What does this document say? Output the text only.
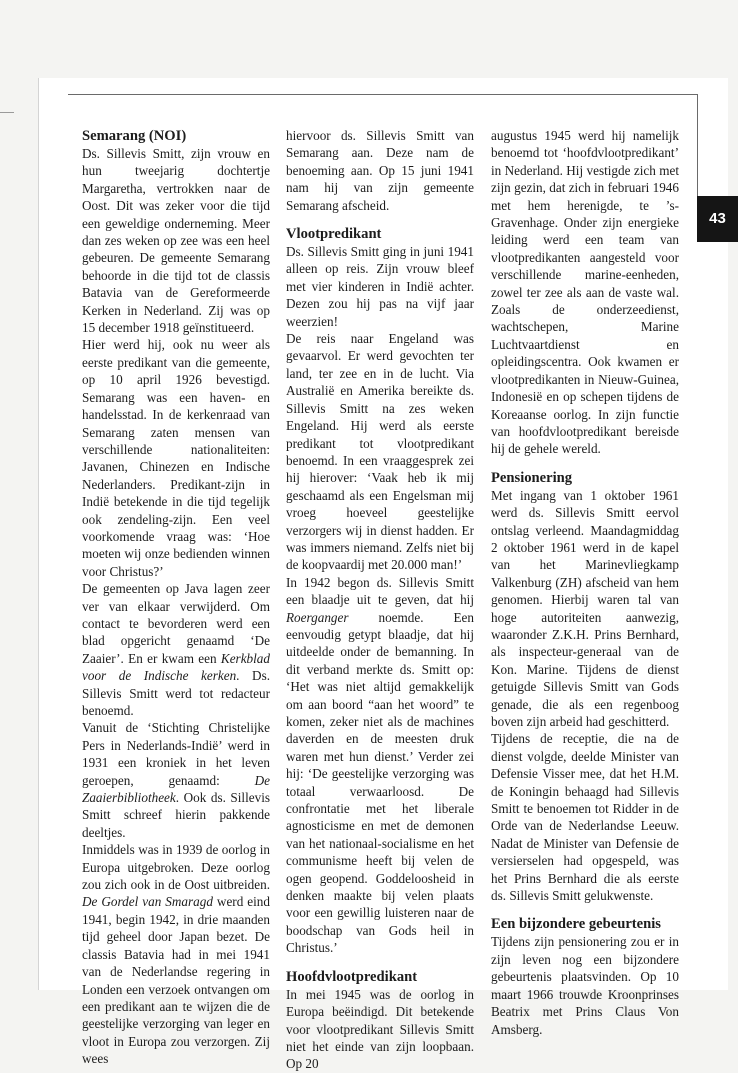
43
Semarang (NOI)

Ds. Sillevis Smitt, zijn vrouw en hun tweejarig dochtertje Margaretha, vertrokken naar de Oost. Dit was zeker voor die tijd een geweldige onderneming. Meer dan zes weken op zee was een heel gebeuren. De gemeente Semarang behoorde in die tijd tot de classis Batavia van de Gereformeerde Kerken in Nederland. Zij was op 15 december 1918 geïnstitueerd.

Hier werd hij, ook nu weer als eerste predikant van die gemeente, op 10 april 1926 bevestigd. Semarang was een haven- en handelsstad. In de kerkenraad van Semarang zaten mensen van verschillende nationaliteiten: Javanen, Chinezen en Indische Nederlanders. Predikant-zijn in Indië betekende in die tijd tegelijk ook zendeling-zijn. Een veel voorkomende vraag was: ‘Hoe moeten wij onze bedienden winnen voor Christus?’

De gemeenten op Java lagen zeer ver van elkaar verwijderd. Om contact te bevorderen werd een blad opgericht genaamd ‘De Zaaier’. En er kwam een Kerkblad voor de Indische kerken. Ds. Sillevis Smitt werd tot redacteur benoemd.

Vanuit de ‘Stichting Christelijke Pers in Nederlands-Indië’ werd in 1931 een kroniek in het leven geroepen, genaamd: De Zaaierbibliotheek. Ook ds. Sillevis Smitt schreef hierin pakkende deeltjes.

Inmiddels was in 1939 de oorlog in Europa uitgebroken. Deze oorlog zou zich ook in de Oost uitbreiden. De Gordel van Smaragd werd eind 1941, begin 1942, in drie maanden tijd geheel door Japan bezet. De classis Batavia had in mei 1941 van de Nederlandse regering in Londen een verzoek ontvangen om een predikant aan te wijzen die de geestelijke verzorging van leger en vloot in Europa zou verzorgen. Zij wees

hiervoor ds. Sillevis Smitt van Semarang aan. Deze nam de benoeming aan. Op 15 juni 1941 nam hij van zijn gemeente Semarang afscheid.

Vlootpredikant

Ds. Sillevis Smitt ging in juni 1941 alleen op reis. Zijn vrouw bleef met vier kinderen in Indië achter. Dezen zou hij pas na vijf jaar weerzien!

De reis naar Engeland was gevaarvol. Er werd gevochten ter land, ter zee en in de lucht. Via Australië en Amerika bereikte ds. Sillevis Smitt na zes weken Engeland. Hij werd als eerste predikant tot vlootpredikant benoemd. In een vraaggesprek zei hij hierover: ‘Vaak heb ik mij geschaamd als een Engelsman mij vroeg hoeveel geestelijke verzorgers wij in dienst hadden. Er was immers niemand. Zelfs niet bij de koopvaardij met 20.000 man!’

In 1942 begon ds. Sillevis Smitt een blaadje uit te geven, dat hij Roerganger noemde. Een eenvoudig getypt blaadje, dat hij uitdeelde onder de bemanning. In dit verband merkte ds. Smitt op: ‘Het was niet altijd gemakkelijk om aan boord “aan het woord” te komen, zeker niet als de machines daverden en de meesten druk waren met hun dienst.’ Verder zei hij: ‘De geestelijke verzorging was totaal verwaarloosd. De confrontatie met het liberale agnosticisme en met de demonen van het nationaal-socialisme en het communisme heeft bij velen de ogen geopend. Goddeloosheid in denken maakte bij velen plaats voor een gewillig luisteren naar de boodschap van Gods heil in Christus.’

Hoofdvlootpredikant

In mei 1945 was de oorlog in Europa beëindigd. Dit betekende voor vlootpredikant Sillevis Smitt niet het einde van zijn loopbaan. Op 20

augustus 1945 werd hij namelijk benoemd tot ‘hoofdvlootpredikant’ in Nederland. Hij vestigde zich met zijn gezin, dat zich in februari 1946 met hem herenigde, te ’s-Gravenhage. Onder zijn energieke leiding werd een team van vlootpredikanten aangesteld voor verschillende marine-eenheden, zowel ter zee als aan de vaste wal. Zoals de onderzeedienst, wachtschepen, Marine Luchtvaartdienst en opleidingscentra. Ook kwamen er vlootpredikanten in Nieuw-Guinea, Indonesië en op schepen tijdens de Koreaanse oorlog. In zijn functie van hoofdvlootpredikant bereisde hij de gehele wereld.

Pensionering

Met ingang van 1 oktober 1961 werd ds. Sillevis Smitt eervol ontslag verleend. Maandagmiddag 2 oktober 1961 werd in de kapel van het Marinevliegkamp Valkenburg (ZH) afscheid van hem genomen. Hierbij waren tal van hoge autoriteiten aanwezig, waaronder Z.K.H. Prins Bernhard, als inspecteur-generaal van de Kon. Marine. Tijdens de dienst getuigde Sillevis Smitt van Gods genade, die als een regenboog boven zijn arbeid had geschitterd.

Tijdens de receptie, die na de dienst volgde, deelde Minister van Defensie Visser mee, dat het H.M. de Koningin behaagd had Sillevis Smitt te benoemen tot Ridder in de Orde van de Nederlandse Leeuw. Nadat de Minister van Defensie de versierselen had opgespeld, was het Prins Bernhard die als eerste ds. Sillevis Smitt gelukwenste.

Een bijzondere gebeurtenis

Tijdens zijn pensionering zou er in zijn leven nog een bijzondere gebeurtenis plaatsvinden. Op 10 maart 1966 trouwde Kroonprinses Beatrix met Prins Claus Von Amsberg.
